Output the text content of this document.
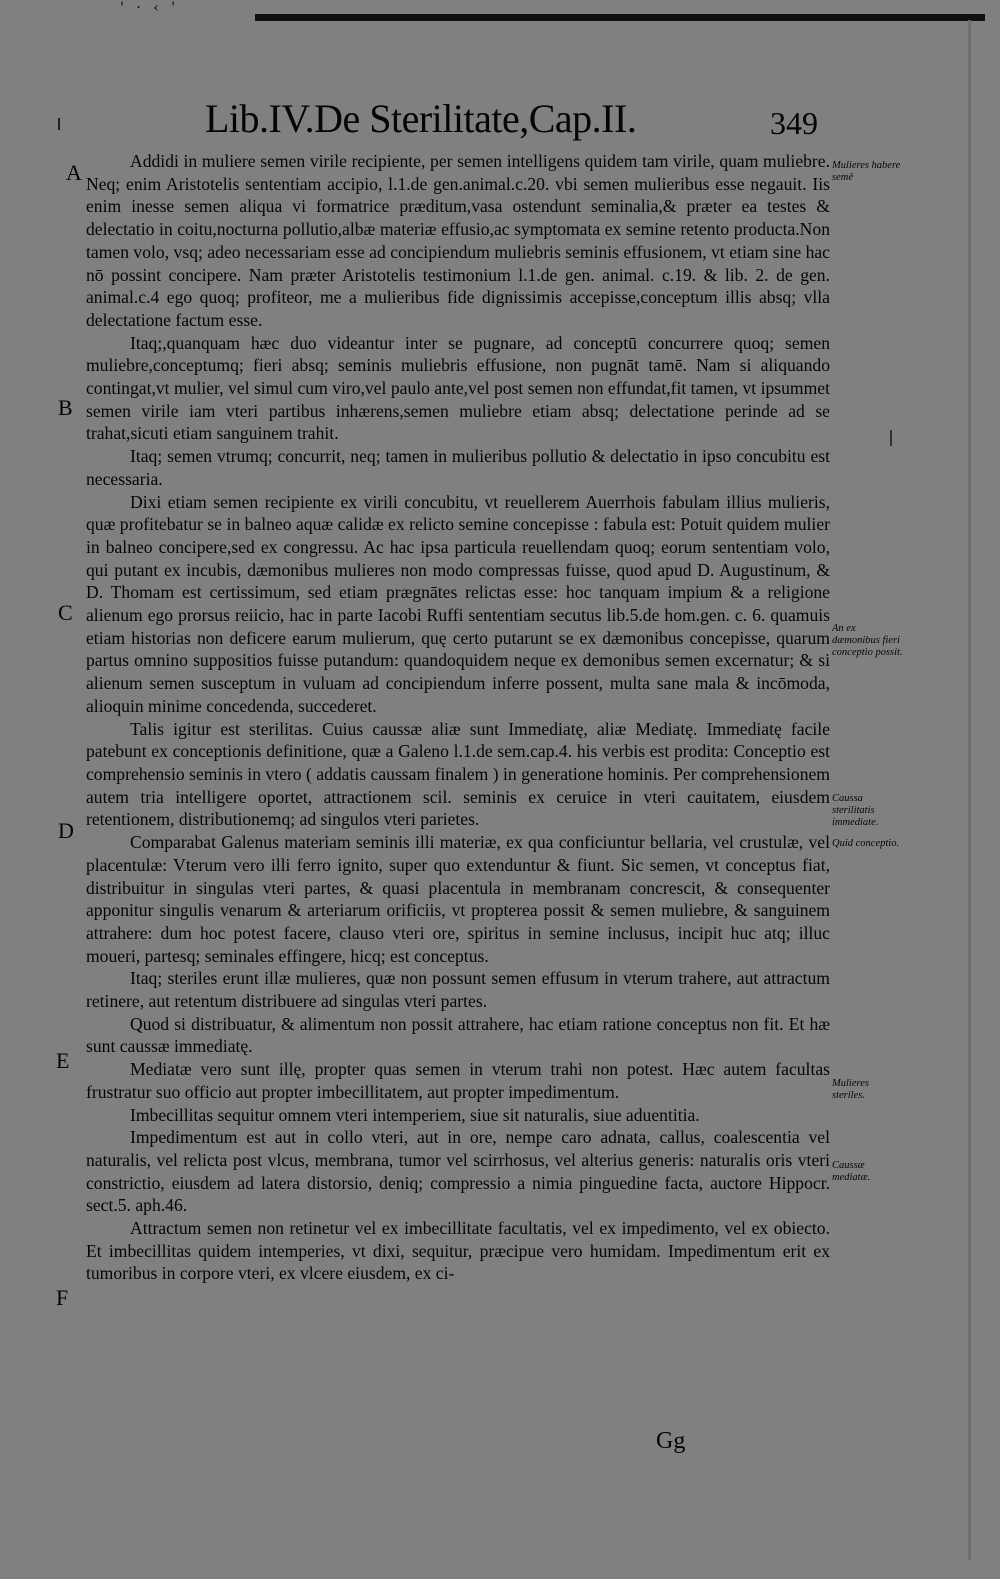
' · ‹ '
Lib.IV.De Sterilitate,Cap.II.	349
A
B
C
D
E
F

Addidi in muliere semen virile recipiente, per semen intelligens quidem tam virile, quam muliebre. Neq; enim Aristotelis sententiam accipio, l.1.de gen.animal.c.20. vbi semen mulieribus esse negauit. Iis enim inesse semen aliqua vi formatrice præditum,vasa ostendunt seminalia,& præter ea testes & delectatio in coitu,nocturna pollutio,albæ materiæ effusio,ac symptomata ex semine retento producta.Non tamen volo, vsq; adeo necessariam esse ad concipiendum muliebris seminis effusionem, vt etiam sine hac nō possint concipere. Nam præter Aristotelis testimonium l.1.de gen. animal. c.19. & lib. 2. de gen. animal.c.4 ego quoq; profiteor, me a mulieribus fide dignissimis accepisse,conceptum illis absq; vlla delectatione factum esse.

Itaq;,quanquam hæc duo videantur inter se pugnare, ad conceptū concurrere quoq; semen muliebre,conceptumq; fieri absq; seminis muliebris effusione, non pugnāt tamē. Nam si aliquando contingat,vt mulier, vel simul cum viro,vel paulo ante,vel post semen non effundat,fit tamen, vt ipsummet semen virile iam vteri partibus inhærens,semen muliebre etiam absq; delectatione perinde ad se trahat,sicuti etiam sanguinem trahit.

Itaq; semen vtrumq; concurrit, neq; tamen in mulieribus pollutio & delectatio in ipso concubitu est necessaria.

Dixi etiam semen recipiente ex virili concubitu, vt reuellerem Auerrhois fabulam illius mulieris, quæ profitebatur se in balneo aquæ calidæ ex relicto semine concepisse : fabula est: Potuit quidem mulier in balneo concipere,sed ex congressu. Ac hac ipsa particula reuellendam quoq; eorum sententiam volo, qui putant ex incubis, dæmonibus mulieres non modo compressas fuisse, quod apud D. Augustinum, & D. Thomam est certissimum, sed etiam prægnātes relictas esse: hoc tanquam impium & a religione alienum ego prorsus reiicio, hac in parte Iacobi Ruffi sententiam secutus lib.5.de hom.gen. c. 6. quamuis etiam historias non deficere earum mulierum, quę certo putarunt se ex dæmonibus concepisse, quarum partus omnino suppositios fuisse putandum: quandoquidem neque ex demonibus semen excernatur; & si alienum semen susceptum in vuluam ad concipiendum inferre possent, multa sane mala & incōmoda, alioquin minime concedenda, succederet.

Talis igitur est sterilitas. Cuius caussæ aliæ sunt Immediatę, aliæ Mediatę. Immediatę facile patebunt ex conceptionis definitione, quæ a Galeno l.1.de sem.cap.4. his verbis est prodita: Conceptio est comprehensio seminis in vtero ( addatis caussam finalem ) in generatione hominis. Per comprehensionem autem tria intelligere oportet, attractionem scil. seminis ex ceruice in vteri cauitatem, eiusdem retentionem, distributionemq; ad singulos vteri parietes.

Comparabat Galenus materiam seminis illi materiæ, ex qua conficiuntur bellaria, vel crustulæ, vel placentulæ: Vterum vero illi ferro ignito, super quo extenduntur & fiunt. Sic semen, vt conceptus fiat, distribuitur in singulas vteri partes, & quasi placentula in membranam concrescit, & consequenter apponitur singulis venarum & arteriarum orificiis, vt propterea possit & semen muliebre, & sanguinem attrahere: dum hoc potest facere, clauso vteri ore, spiritus in semine inclusus, incipit huc atq; illuc moueri, partesq; seminales effingere, hicq; est conceptus.

Itaq; steriles erunt illæ mulieres, quæ non possunt semen effusum in vterum trahere, aut attractum retinere, aut retentum distribuere ad singulas vteri partes.

Quod si distribuatur, & alimentum non possit attrahere, hac etiam ratione conceptus non fit. Et hæ sunt caussæ immediatę.

Mediatæ vero sunt illę, propter quas semen in vterum trahi non potest. Hæc autem facultas frustratur suo officio aut propter imbecillitatem, aut propter impedimentum.

Imbecillitas sequitur omnem vteri intemperiem, siue sit naturalis, siue aduentitia.

Impedimentum est aut in collo vteri, aut in ore, nempe caro adnata, callus, coalescentia vel naturalis, vel relicta post vlcus, membrana, tumor vel scirrhosus, vel alterius generis: naturalis oris vteri constrictio, eiusdem ad latera distorsio, deniq; compressio a nimia pinguedine facta, auctore Hippocr. sect.5. aph.46.

Attractum semen non retinetur vel ex imbecillitate facultatis, vel ex impedimento, vel ex obiecto. Et imbecillitas quidem intemperies, vt dixi, sequitur, præcipue vero humidam. Impedimentum erit ex tumoribus in corpore vteri, ex vlcere eiusdem, ex ci-

Mulieres habere semē
An ex dæmonibus fieri conceptio possit.
Caussa sterilitatis immediate.
Quid conceptio.
Mulieres steriles.
Caussæ mediatæ.
Gg
